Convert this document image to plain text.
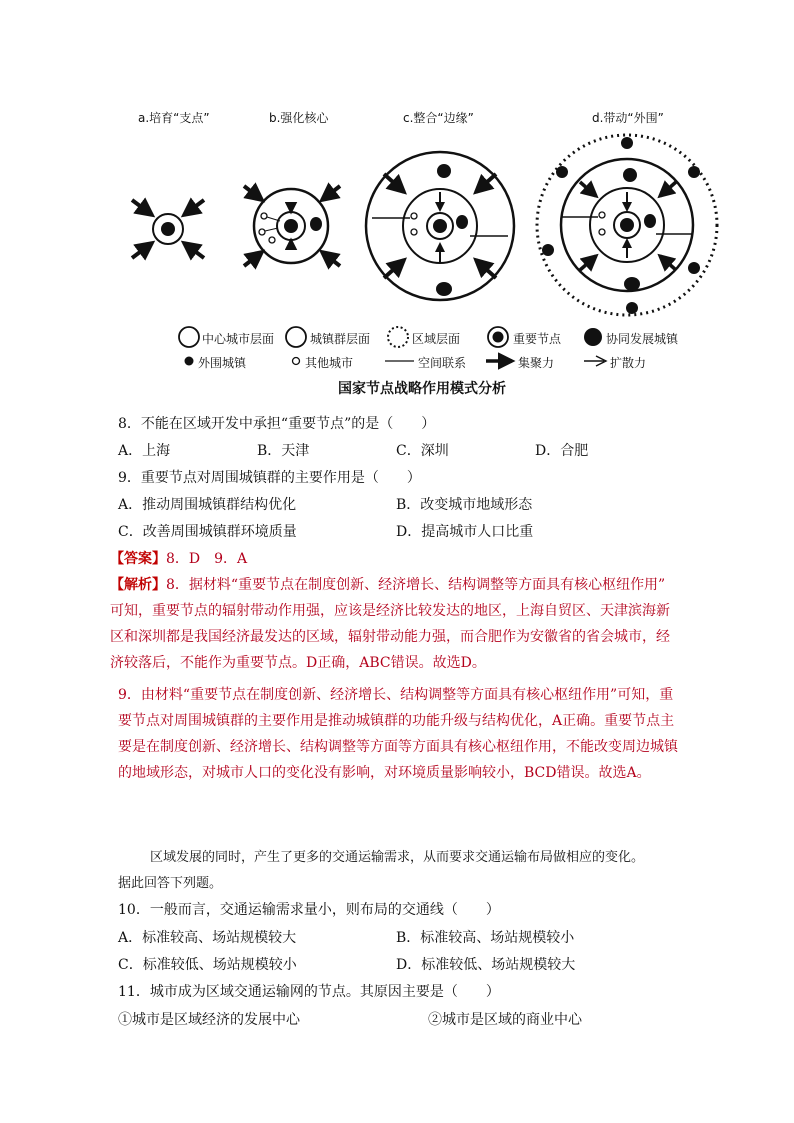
a.培育“支点”	b.强化核心	c.整合“边缘”	d.带动“外围”
中心城市层面	城镇群层面	区域层面	重要节点	协同发展城镇
外围城镇	其他城市	空间联系	集聚力	扩散力
国家节点战略作用模式分析
8．不能在区域开发中承担“重要节点”的是（　　）
A．上海	B．天津	C．深圳	D．合肥
9．重要节点对周围城镇群的主要作用是（　　）
A．推动周围城镇群结构优化	B．改变城市地域形态
C．改善周围城镇群环境质量	D．提高城市人口比重
【答案】8．D　9．A
【解析】8．据材料“重要节点在制度创新、经济增长、结构调整等方面具有核心枢纽作用”
可知，重要节点的辐射带动作用强，应该是经济比较发达的地区，上海自贸区、天津滨海新
区和深圳都是我国经济最发达的区域，辐射带动能力强，而合肥作为安徽省的省会城市，经
济较落后，不能作为重要节点。D正确，ABC错误。故选D。
9．由材料“重要节点在制度创新、经济增长、结构调整等方面具有核心枢纽作用”可知，重
要节点对周围城镇群的主要作用是推动城镇群的功能升级与结构优化，A正确。重要节点主
要是在制度创新、经济增长、结构调整等方面等方面具有核心枢纽作用，不能改变周边城镇
的地域形态，对城市人口的变化没有影响，对环境质量影响较小，BCD错误。故选A。
区域发展的同时，产生了更多的交通运输需求，从而要求交通运输布局做相应的变化。
据此回答下列题。
10．一般而言，交通运输需求量小，则布局的交通线（　　）
A．标准较高、场站规模较大	B．标准较高、场站规模较小
C．标准较低、场站规模较小	D．标准较低、场站规模较大
11．城市成为区域交通运输网的节点。其原因主要是（　　）
①城市是区域经济的发展中心	②城市是区域的商业中心
